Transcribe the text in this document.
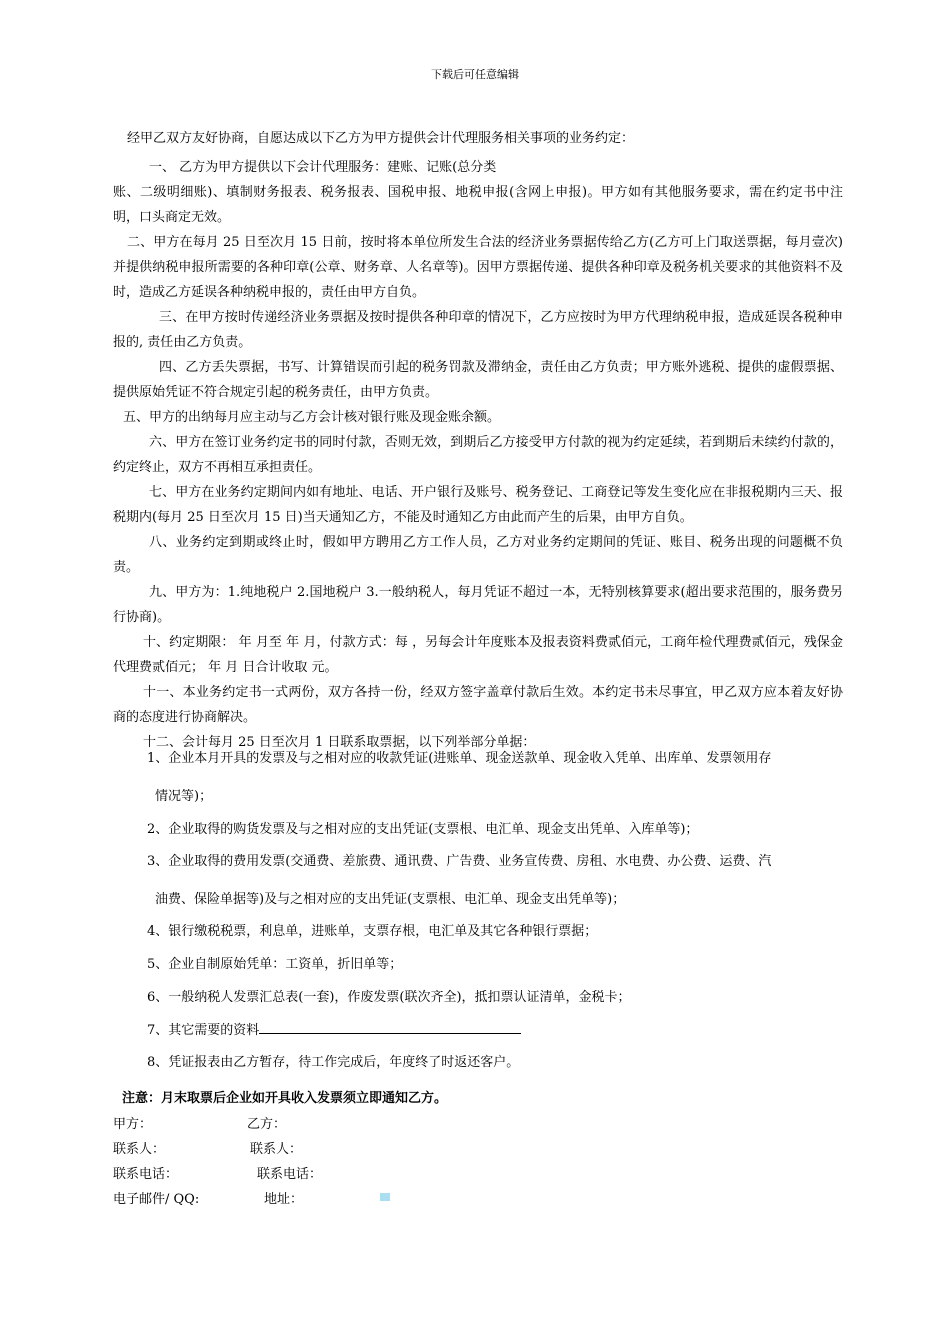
下载后可任意编辑

经甲乙双方友好协商，自愿达成以下乙方为甲方提供会计代理服务相关事项的业务约定：

一、 乙方为甲方提供以下会计代理服务：建账、记账(总分类

账、二级明细账)、填制财务报表、税务报表、国税申报、地税申报(含网上申报)。甲方如有其他服务要求，需在约定书中注明，口头商定无效。

二、甲方在每月 25 日至次月 15 日前，按时将本单位所发生合法的经济业务票据传给乙方(乙方可上门取送票据，每月壹次)并提供纳税申报所需要的各种印章(公章、财务章、人名章等)。因甲方票据传递、提供各种印章及税务机关要求的其他资料不及时，造成乙方延误各种纳税申报的，责任由甲方自负。

三、在甲方按时传递经济业务票据及按时提供各种印章的情况下，乙方应按时为甲方代理纳税申报，造成延误各税种申报的, 责任由乙方负责。

四、乙方丢失票据，书写、计算错误而引起的税务罚款及滞纳金，责任由乙方负责；甲方账外逃税、提供的虚假票据、提供原始凭证不符合规定引起的税务责任，由甲方负责。

五、甲方的出纳每月应主动与乙方会计核对银行账及现金账余额。

六、甲方在签订业务约定书的同时付款，否则无效，到期后乙方接受甲方付款的视为约定延续，若到期后未续约付款的，约定终止，双方不再相互承担责任。

七、甲方在业务约定期间内如有地址、电话、开户银行及账号、税务登记、工商登记等发生变化应在非报税期内三天、报税期内(每月 25 日至次月 15 日)当天通知乙方，不能及时通知乙方由此而产生的后果，由甲方自负。

八、业务约定到期或终止时，假如甲方聘用乙方工作人员，乙方对业务约定期间的凭证、账目、税务出现的问题概不负责。

九、甲方为：1.纯地税户 2.国地税户 3.一般纳税人，每月凭证不超过一本，无特别核算要求(超出要求范围的，服务费另行协商)。

十、约定期限： 年 月至 年 月，付款方式：每 ，另每会计年度账本及报表资料费贰佰元，工商年检代理费贰佰元，残保金代理费贰佰元； 年 月 日合计收取 元。

十一、本业务约定书一式两份，双方各持一份，经双方签字盖章付款后生效。本约定书未尽事宜，甲乙双方应本着友好协商的态度进行协商解决。

十二、会计每月 25 日至次月 1 日联系取票据，以下列举部分单据：

1、企业本月开具的发票及与之相对应的收款凭证(进账单、现金送款单、现金收入凭单、出库单、发票领用存
情况等)；
2、企业取得的购货发票及与之相对应的支出凭证(支票根、电汇单、现金支出凭单、入库单等)；
3、企业取得的费用发票(交通费、差旅费、通讯费、广告费、业务宣传费、房租、水电费、办公费、运费、汽
油费、保险单据等)及与之相对应的支出凭证(支票根、电汇单、现金支出凭单等)；
4、银行缴税税票，利息单，进账单，支票存根，电汇单及其它各种银行票据；
5、企业自制原始凭单：工资单，折旧单等；
6、一般纳税人发票汇总表(一套)，作废发票(联次齐全)，抵扣票认证清单，金税卡；
7、其它需要的资料
8、凭证报表由乙方暂存，待工作完成后，年度终了时返还客户。
注意：月末取票后企业如开具收入发票须立即通知乙方。
甲方：	乙方：
联系人：	联系人：
联系电话：	联系电话：
电子邮件/ QQ:	地址：
